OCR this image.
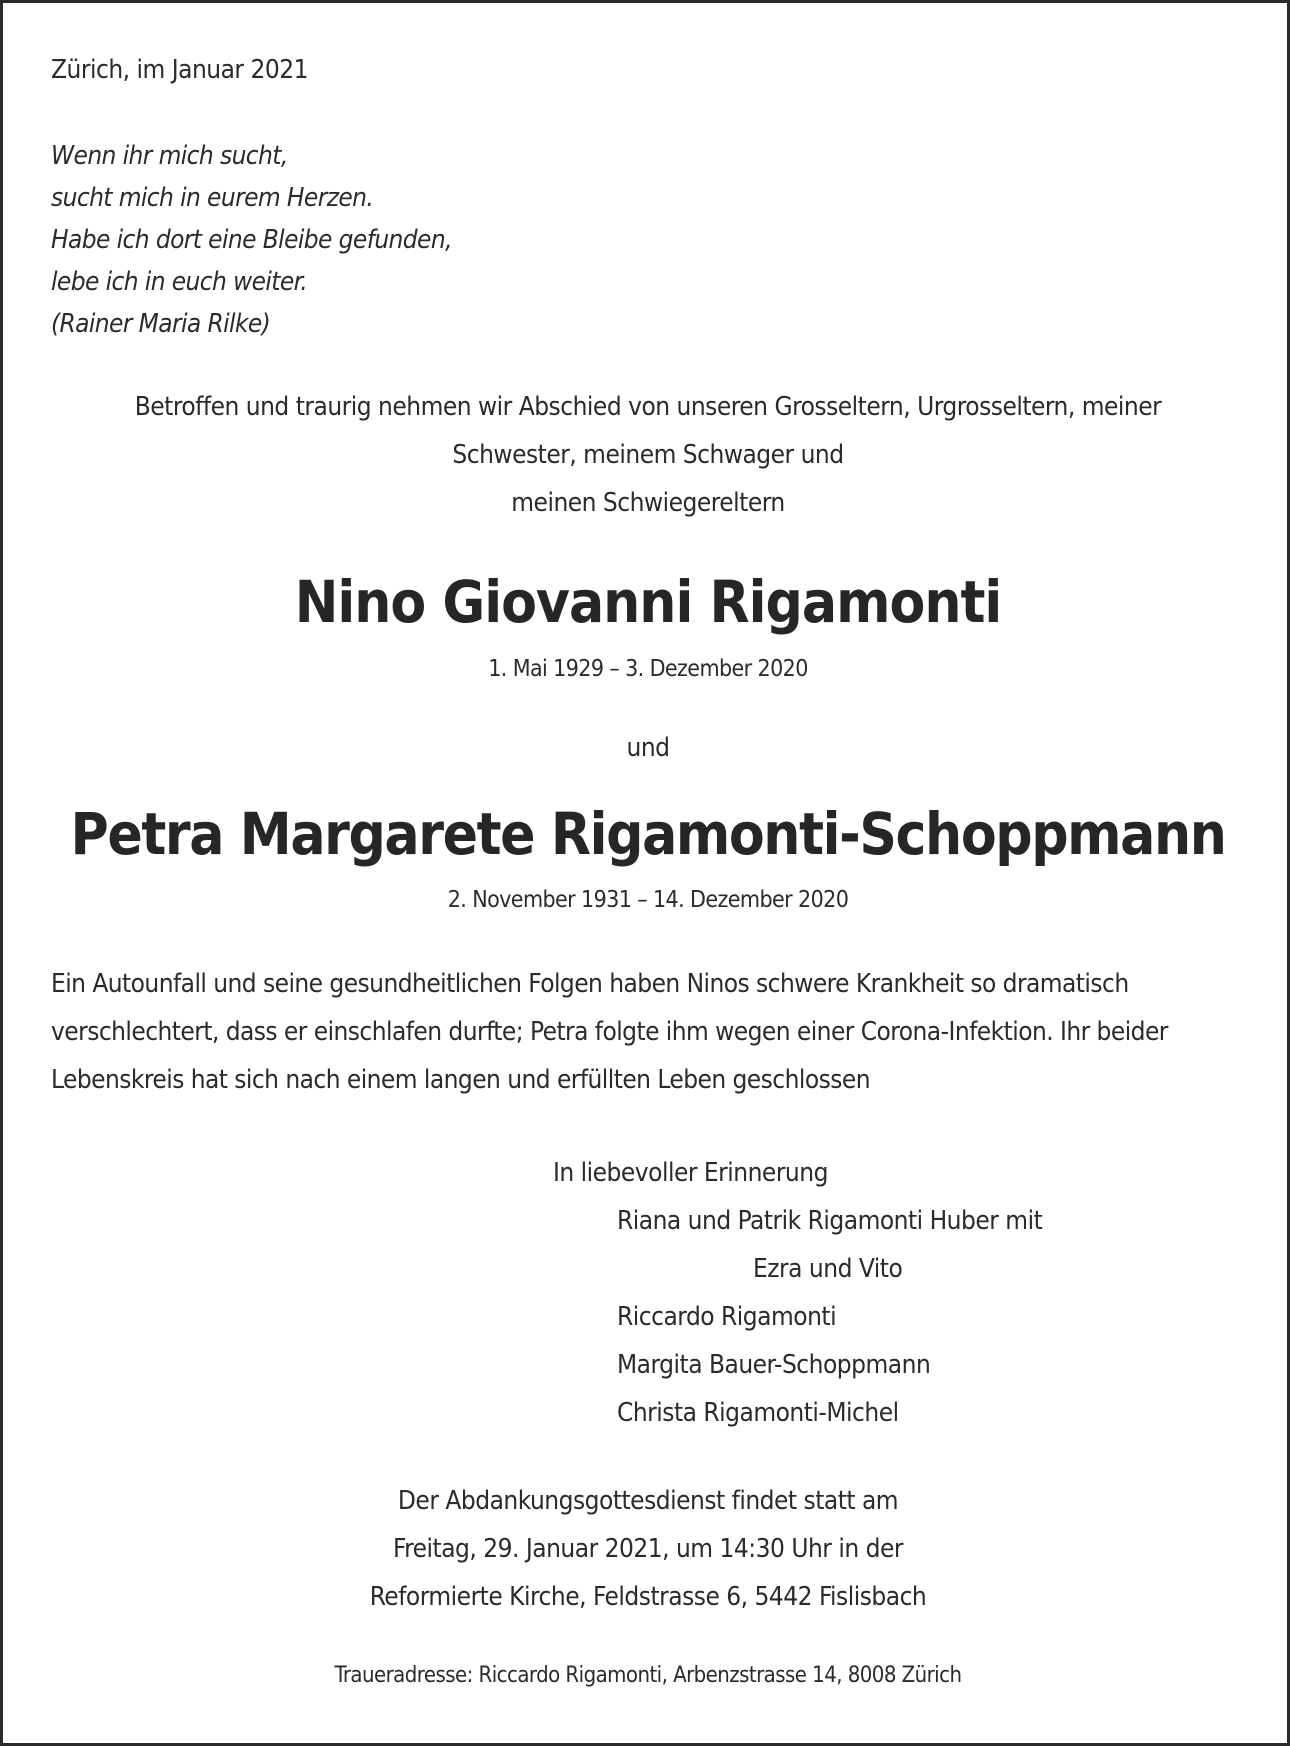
Zürich, im Januar 2021
Wenn ihr mich sucht,
sucht mich in eurem Herzen.
Habe ich dort eine Bleibe gefunden,
lebe ich in euch weiter.
(Rainer Maria Rilke)
Betroffen und traurig nehmen wir Abschied von unseren Grosseltern, Urgrosseltern, meiner
Schwester, meinem Schwager und
meinen Schwiegereltern
Nino Giovanni Rigamonti
1. Mai 1929 – 3. Dezember 2020
und
Petra Margarete Rigamonti-Schoppmann
2. November 1931 – 14. Dezember 2020
Ein Autounfall und seine gesundheitlichen Folgen haben Ninos schwere Krankheit so dramatisch
verschlechtert, dass er einschlafen durfte; Petra folgte ihm wegen einer Corona-Infektion. Ihr beider
Lebenskreis hat sich nach einem langen und erfüllten Leben geschlossen
In liebevoller Erinnerung
Riana und Patrik Rigamonti Huber mit
Ezra und Vito
Riccardo Rigamonti
Margita Bauer-Schoppmann
Christa Rigamonti-Michel
Der Abdankungsgottesdienst findet statt am
Freitag, 29. Januar 2021, um 14:30 Uhr in der
Reformierte Kirche, Feldstrasse 6, 5442 Fislisbach
Traueradresse: Riccardo Rigamonti, Arbenzstrasse 14, 8008 Zürich
